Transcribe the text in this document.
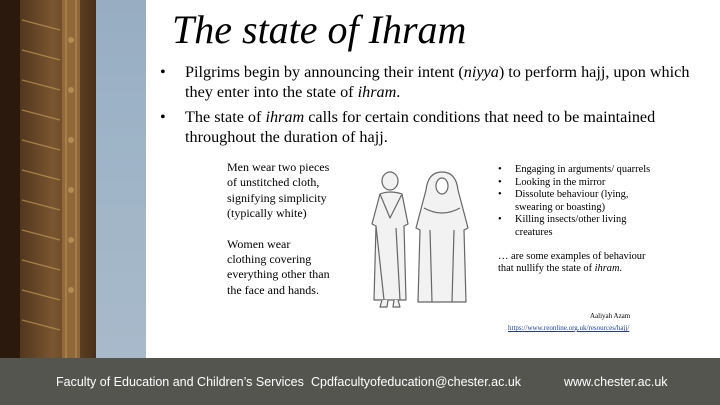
The state of Ihram
• Pilgrims begin by announcing their intent (niyya) to perform hajj, upon which they enter into the state of ihram.
• The state of ihram calls for certain conditions that need to be maintained throughout the duration of hajj.

Men wear two pieces of unstitched cloth, signifying simplicity (typically white)

Women wear clothing covering everything other than the face and hands.

• Engaging in arguments/ quarrels
• Looking in the mirror
• Dissolute behaviour (lying, swearing or boasting)
• Killing insects/other living creatures

… are some examples of behaviour that nullify the state of ihram.

Aaliyah Azam
https://www.reonline.org.uk/resources/hajj/
Faculty of Education and Children’s Services Cpdfacultyofeducation@chester.ac.uk	www.chester.ac.uk
